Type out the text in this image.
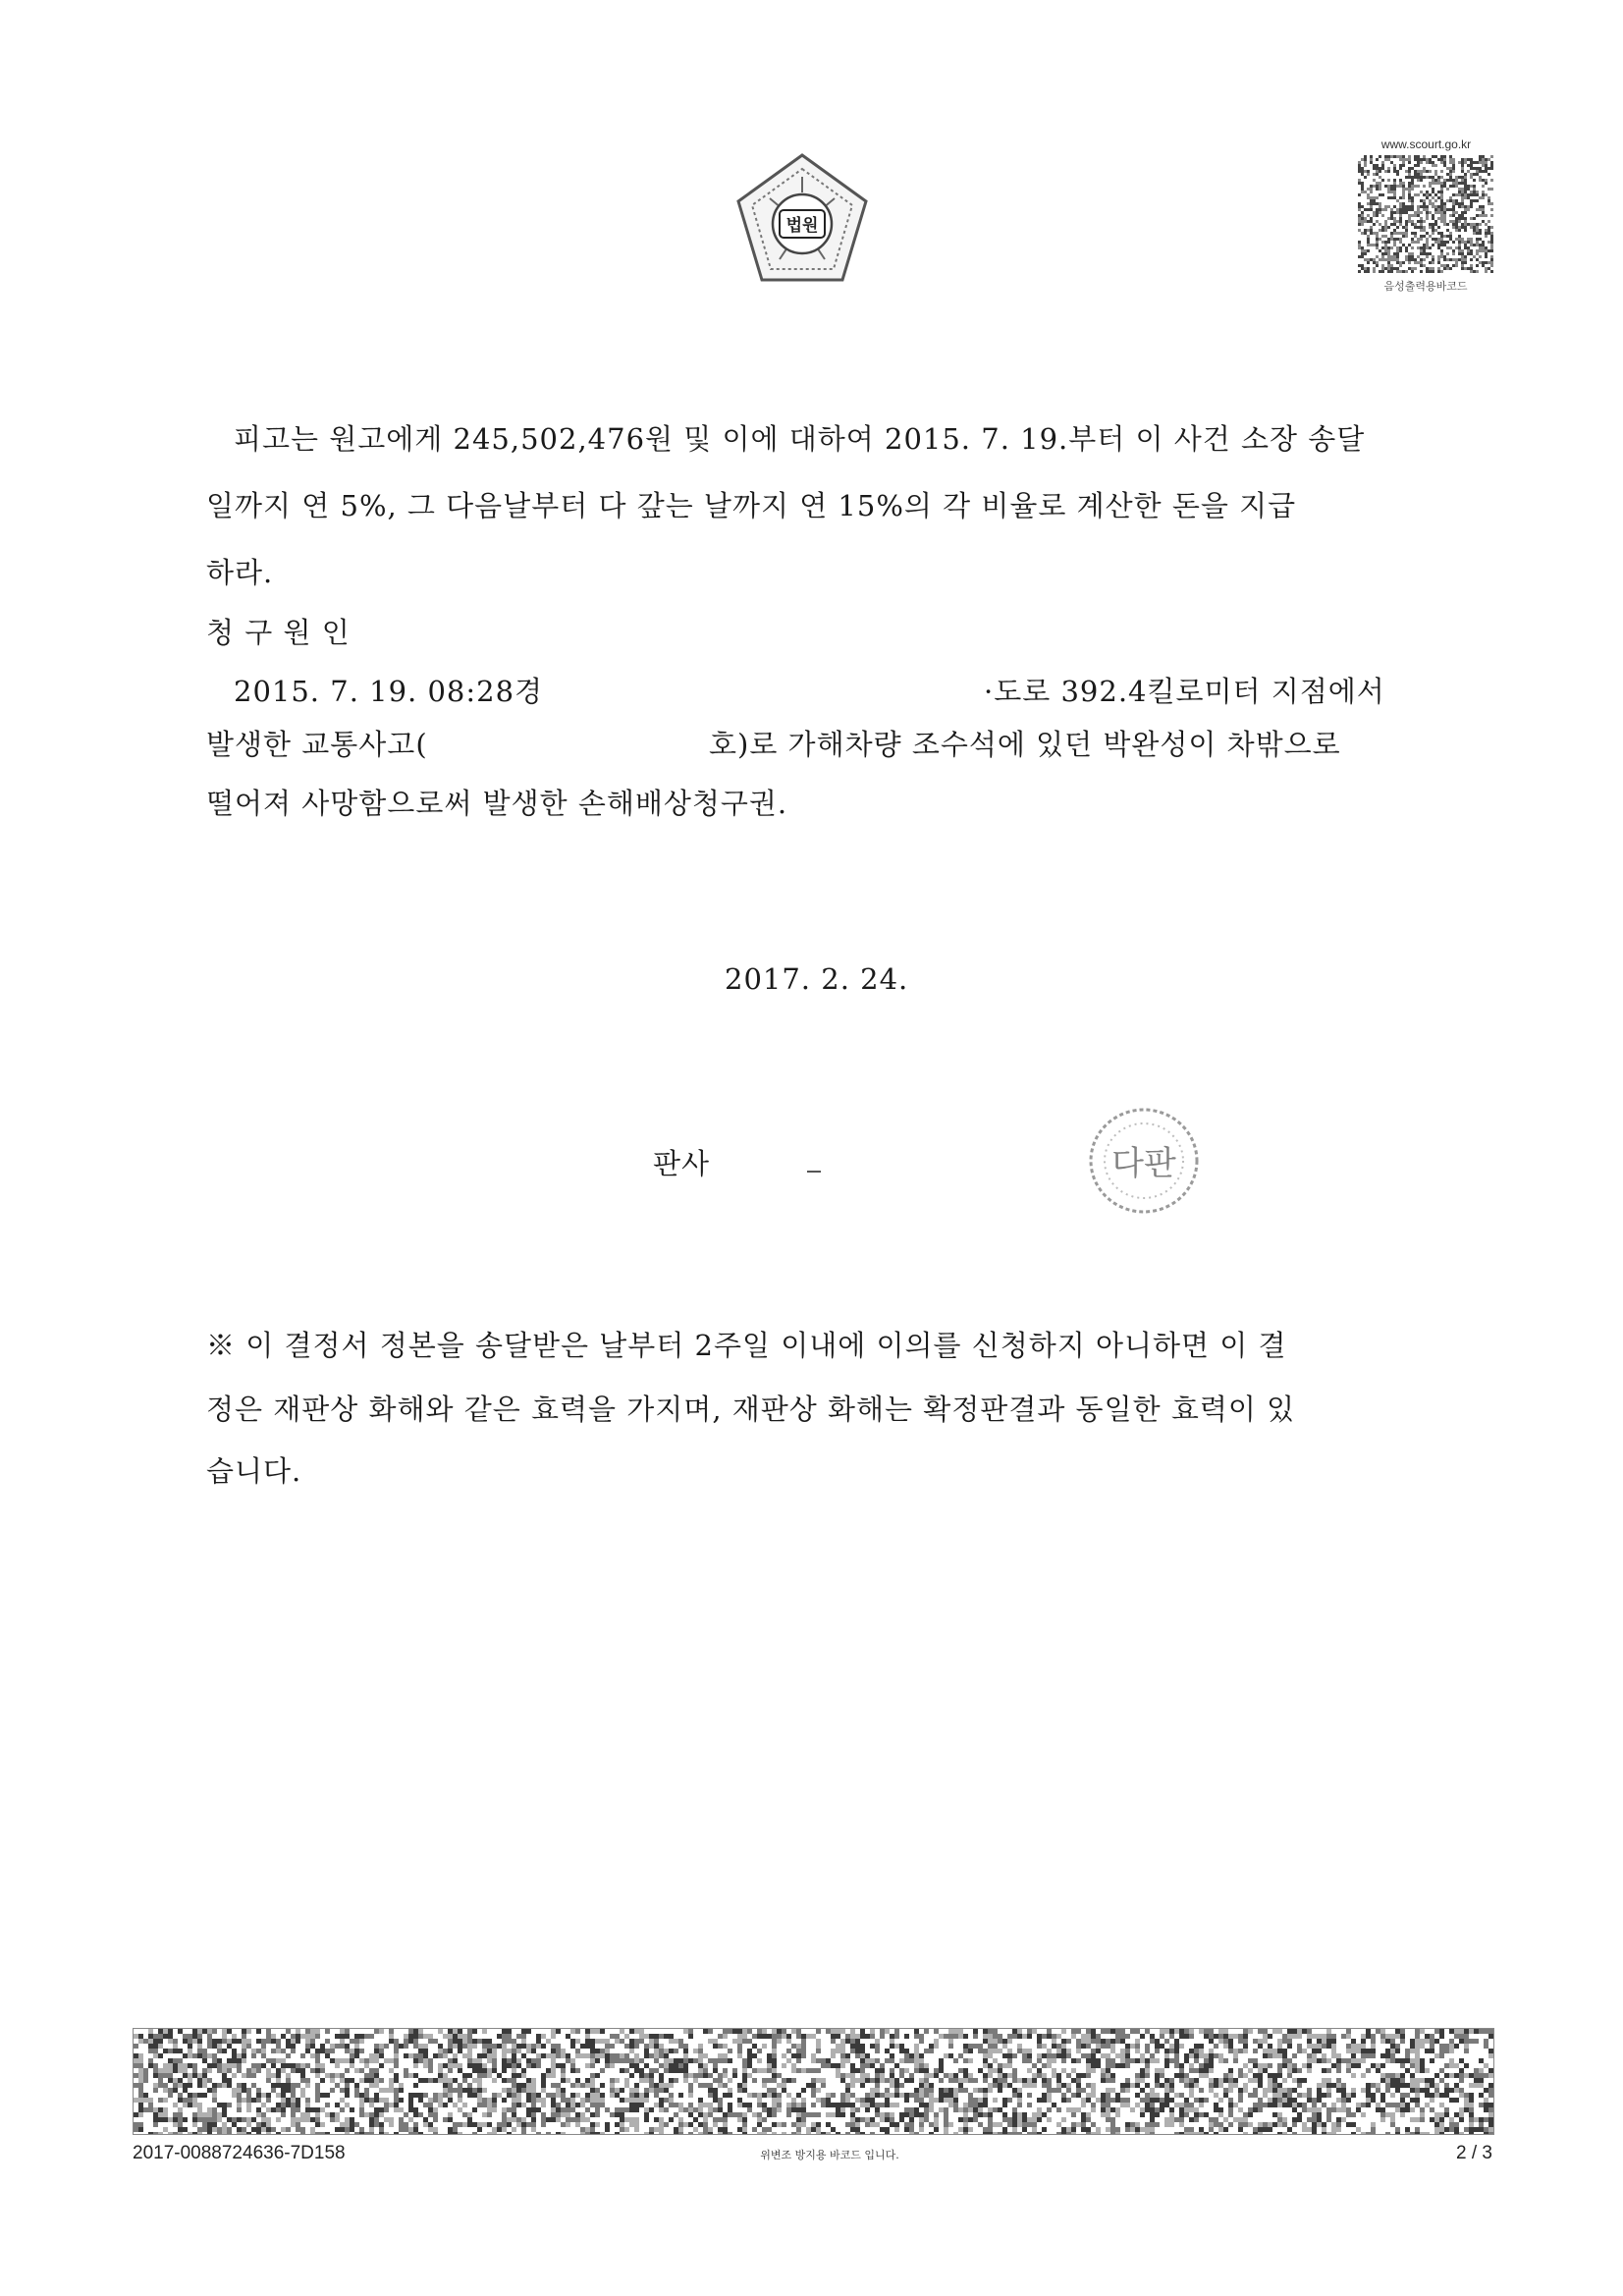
법원
www.scourt.go.kr
음성출력용바코드
피고는 원고에게 245,502,476원 및 이에 대하여 2015. 7. 19.부터 이 사건 소장 송달
일까지 연 5%, 그 다음날부터 다 갚는 날까지 연 15%의 각 비율로 계산한 돈을 지급
하라.
청 구 원 인
2015. 7. 19. 08:28경	·도로 392.4킬로미터 지점에서
발생한 교통사고(	호)로 가해차량 조수석에 있던 박완성이 차밖으로
떨어져 사망함으로써 발생한 손해배상청구권.
2017. 2. 24.
판사	다판
※ 이 결정서 정본을 송달받은 날부터 2주일 이내에 이의를 신청하지 아니하면 이 결
정은 재판상 화해와 같은 효력을 가지며, 재판상 화해는 확정판결과 동일한 효력이 있
습니다.
2017-0088724636-7D158	위변조 방지용 바코드 입니다.	2 / 3
